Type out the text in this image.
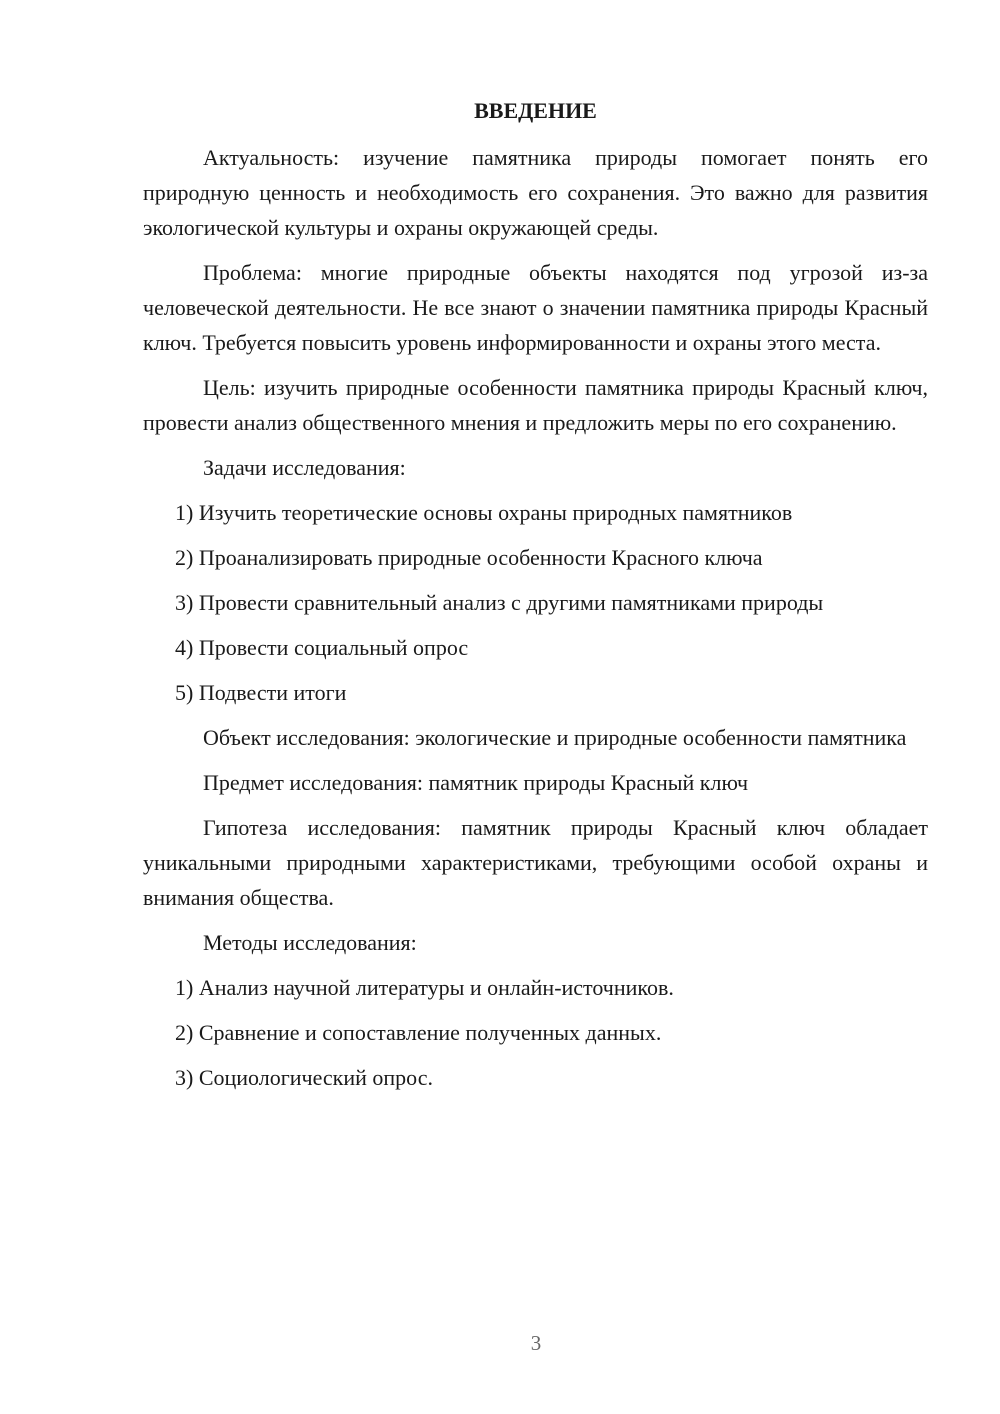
ВВЕДЕНИЕ

Актуальность: изучение памятника природы помогает понять его природную ценность и необходимость его сохранения. Это важно для развития экологической культуры и охраны окружающей среды.

Проблема: многие природные объекты находятся под угрозой из-за человеческой деятельности. Не все знают о значении памятника природы Красный ключ. Требуется повысить уровень информированности и охраны этого места.

Цель: изучить природные особенности памятника природы Красный ключ, провести анализ общественного мнения и предложить меры по его сохранению.

Задачи исследования:

1) Изучить теоретические основы охраны природных памятников

2) Проанализировать природные особенности Красного ключа

3) Провести сравнительный анализ с другими памятниками природы

4) Провести социальный опрос

5) Подвести итоги

Объект исследования: экологические и природные особенности памятника

Предмет исследования: памятник природы Красный ключ

Гипотеза исследования: памятник природы Красный ключ обладает уникальными природными характеристиками, требующими особой охраны и внимания общества.

Методы исследования:

1) Анализ научной литературы и онлайн-источников.

2) Сравнение и сопоставление полученных данных.

3) Социологический опрос.

3
